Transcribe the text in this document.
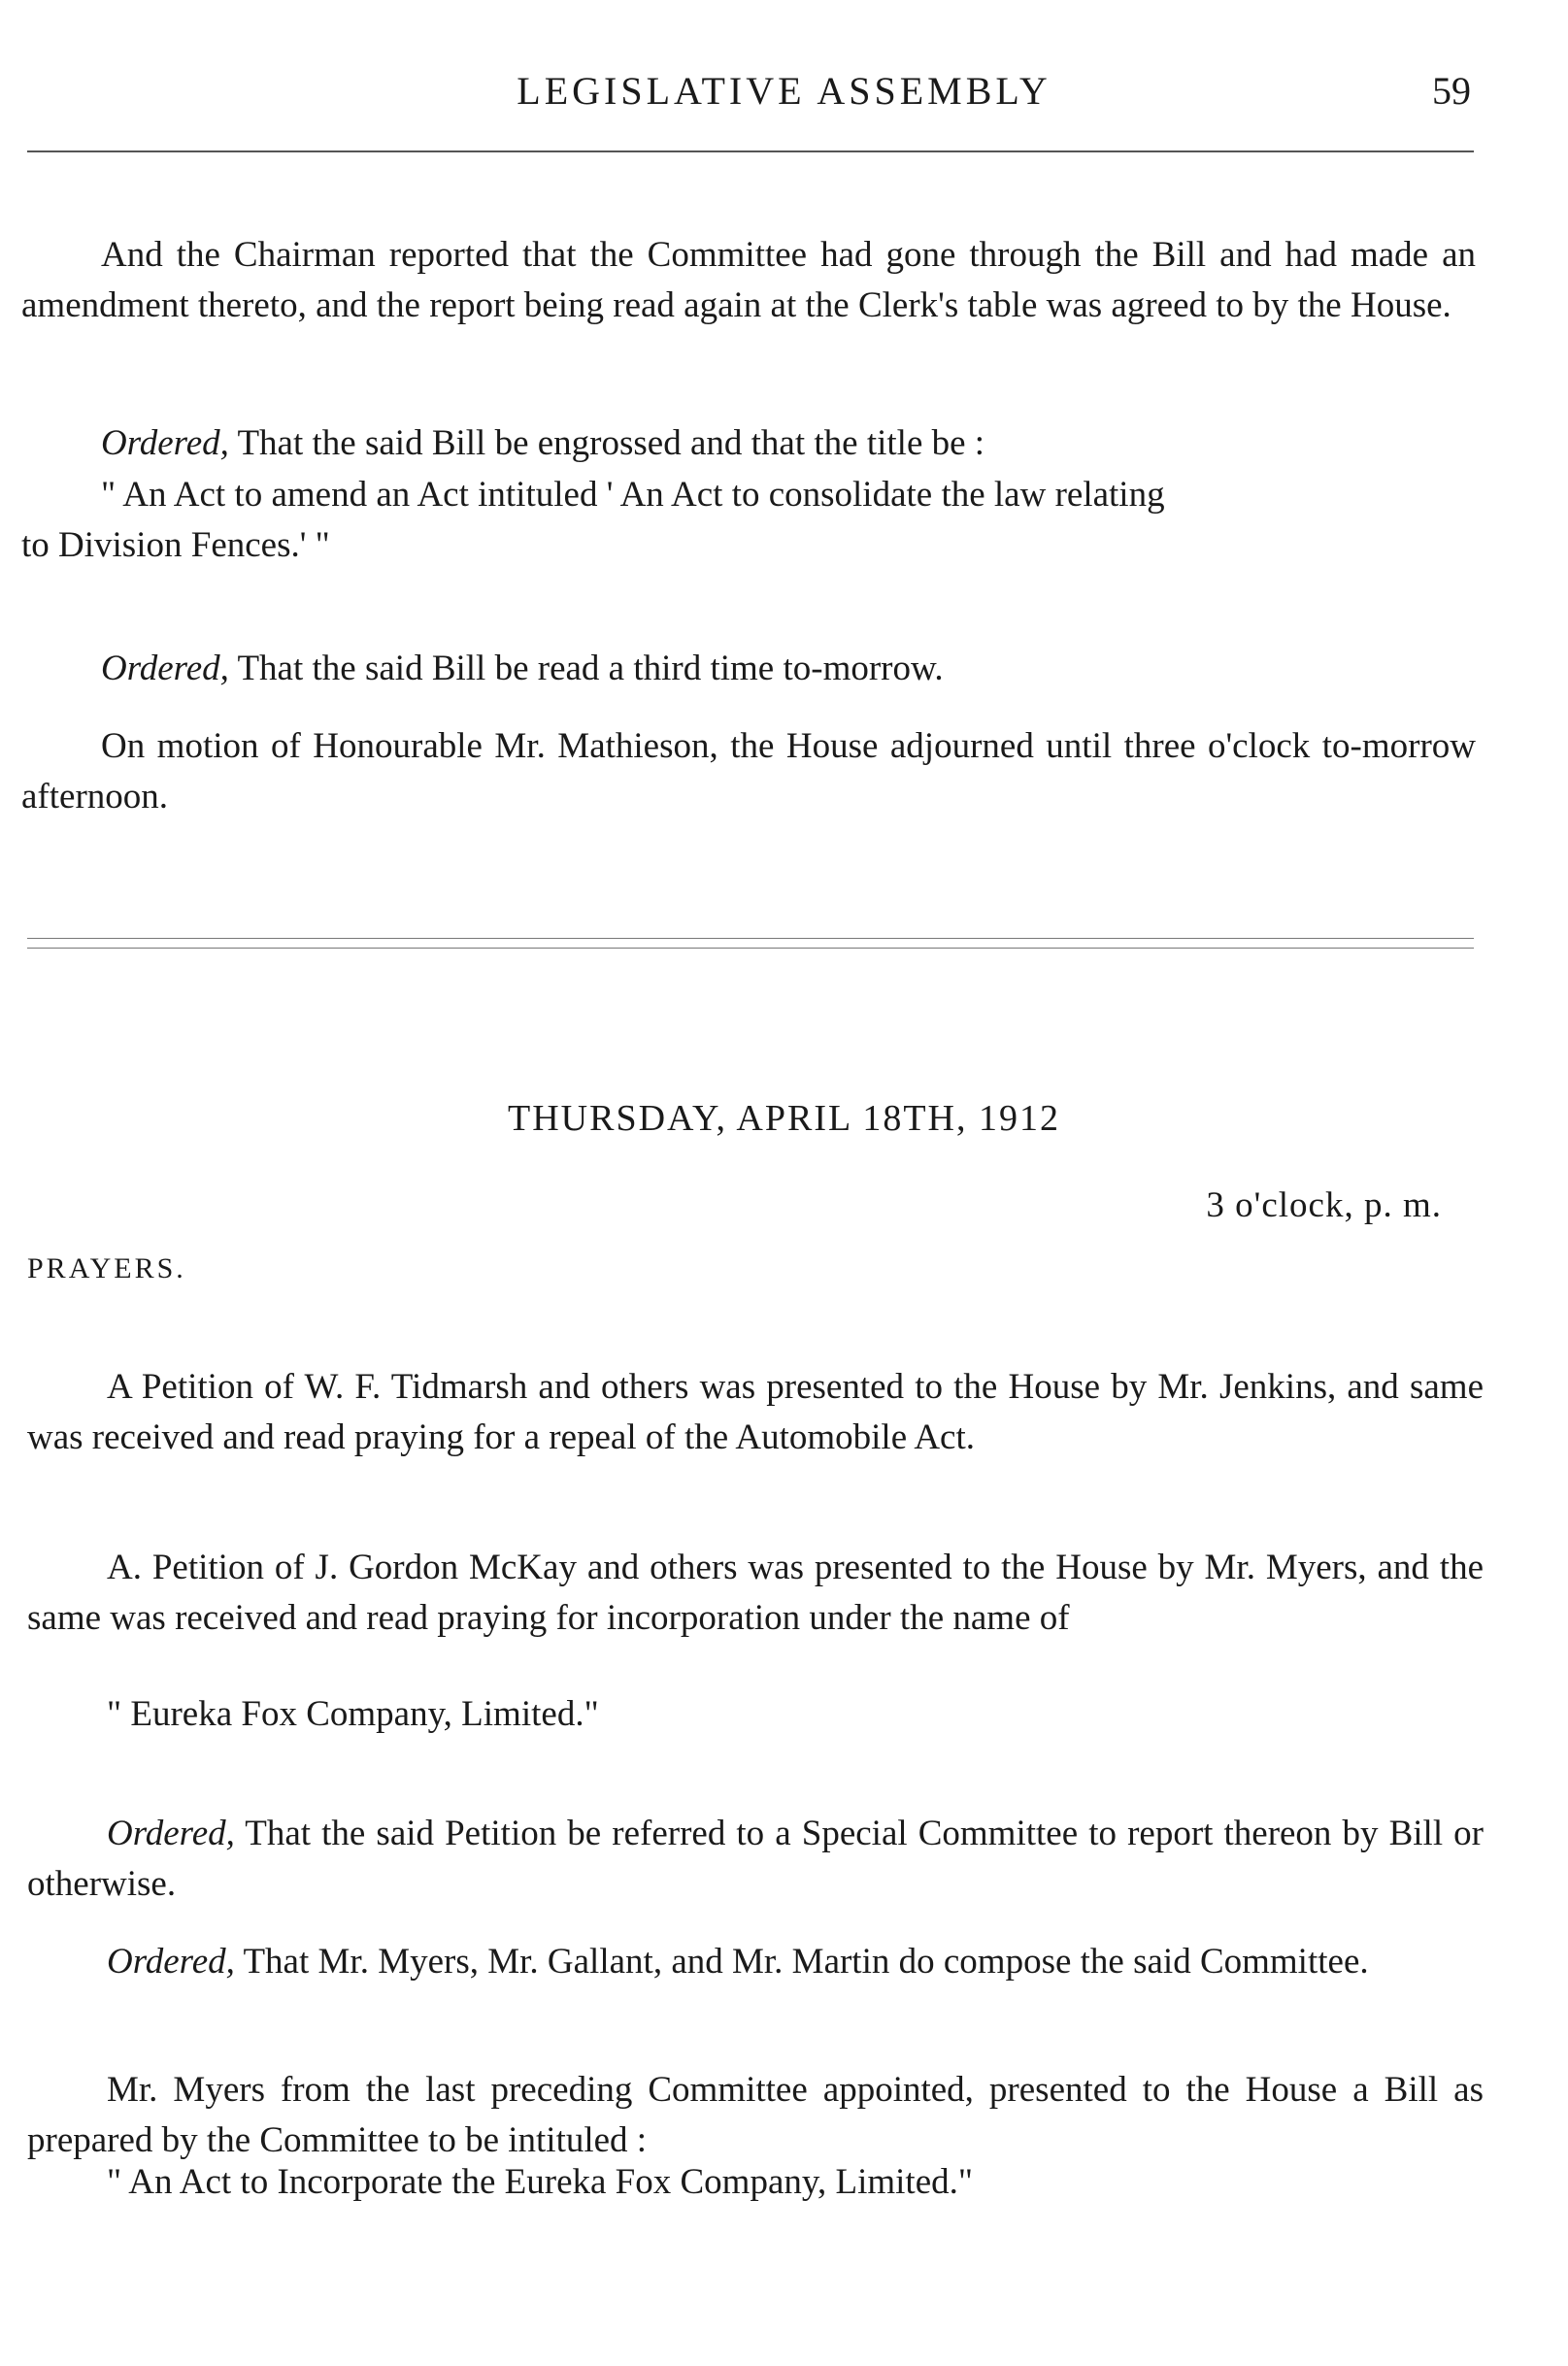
LEGISLATIVE ASSEMBLY	59

And the Chairman reported that the Committee had gone through the Bill and had made an amendment thereto, and the report being read again at the Clerk's table was agreed to by the House.

Ordered, That the said Bill be engrossed and that the title be :

" An Act to amend an Act intituled ' An Act to consolidate the law relating
to Division Fences.' "

Ordered, That the said Bill be read a third time to-morrow.

On motion of Honourable Mr. Mathieson, the House adjourned until three o'clock to-morrow afternoon.

THURSDAY, APRIL 18TH, 1912
3 o'clock, p. m.
PRAYERS.

A Petition of W. F. Tidmarsh and others was presented to the House by Mr. Jenkins, and same was received and read praying for a repeal of the Automobile Act.

A. Petition of J. Gordon McKay and others was presented to the House by Mr. Myers, and the same was received and read praying for incorporation under the name of

" Eureka Fox Company, Limited."

Ordered, That the said Petition be referred to a Special Committee to report thereon by Bill or otherwise.

Ordered, That Mr. Myers, Mr. Gallant, and Mr. Martin do compose the said Committee.

Mr. Myers from the last preceding Committee appointed, presented to the House a Bill as prepared by the Committee to be intituled :

" An Act to Incorporate the Eureka Fox Company, Limited."
